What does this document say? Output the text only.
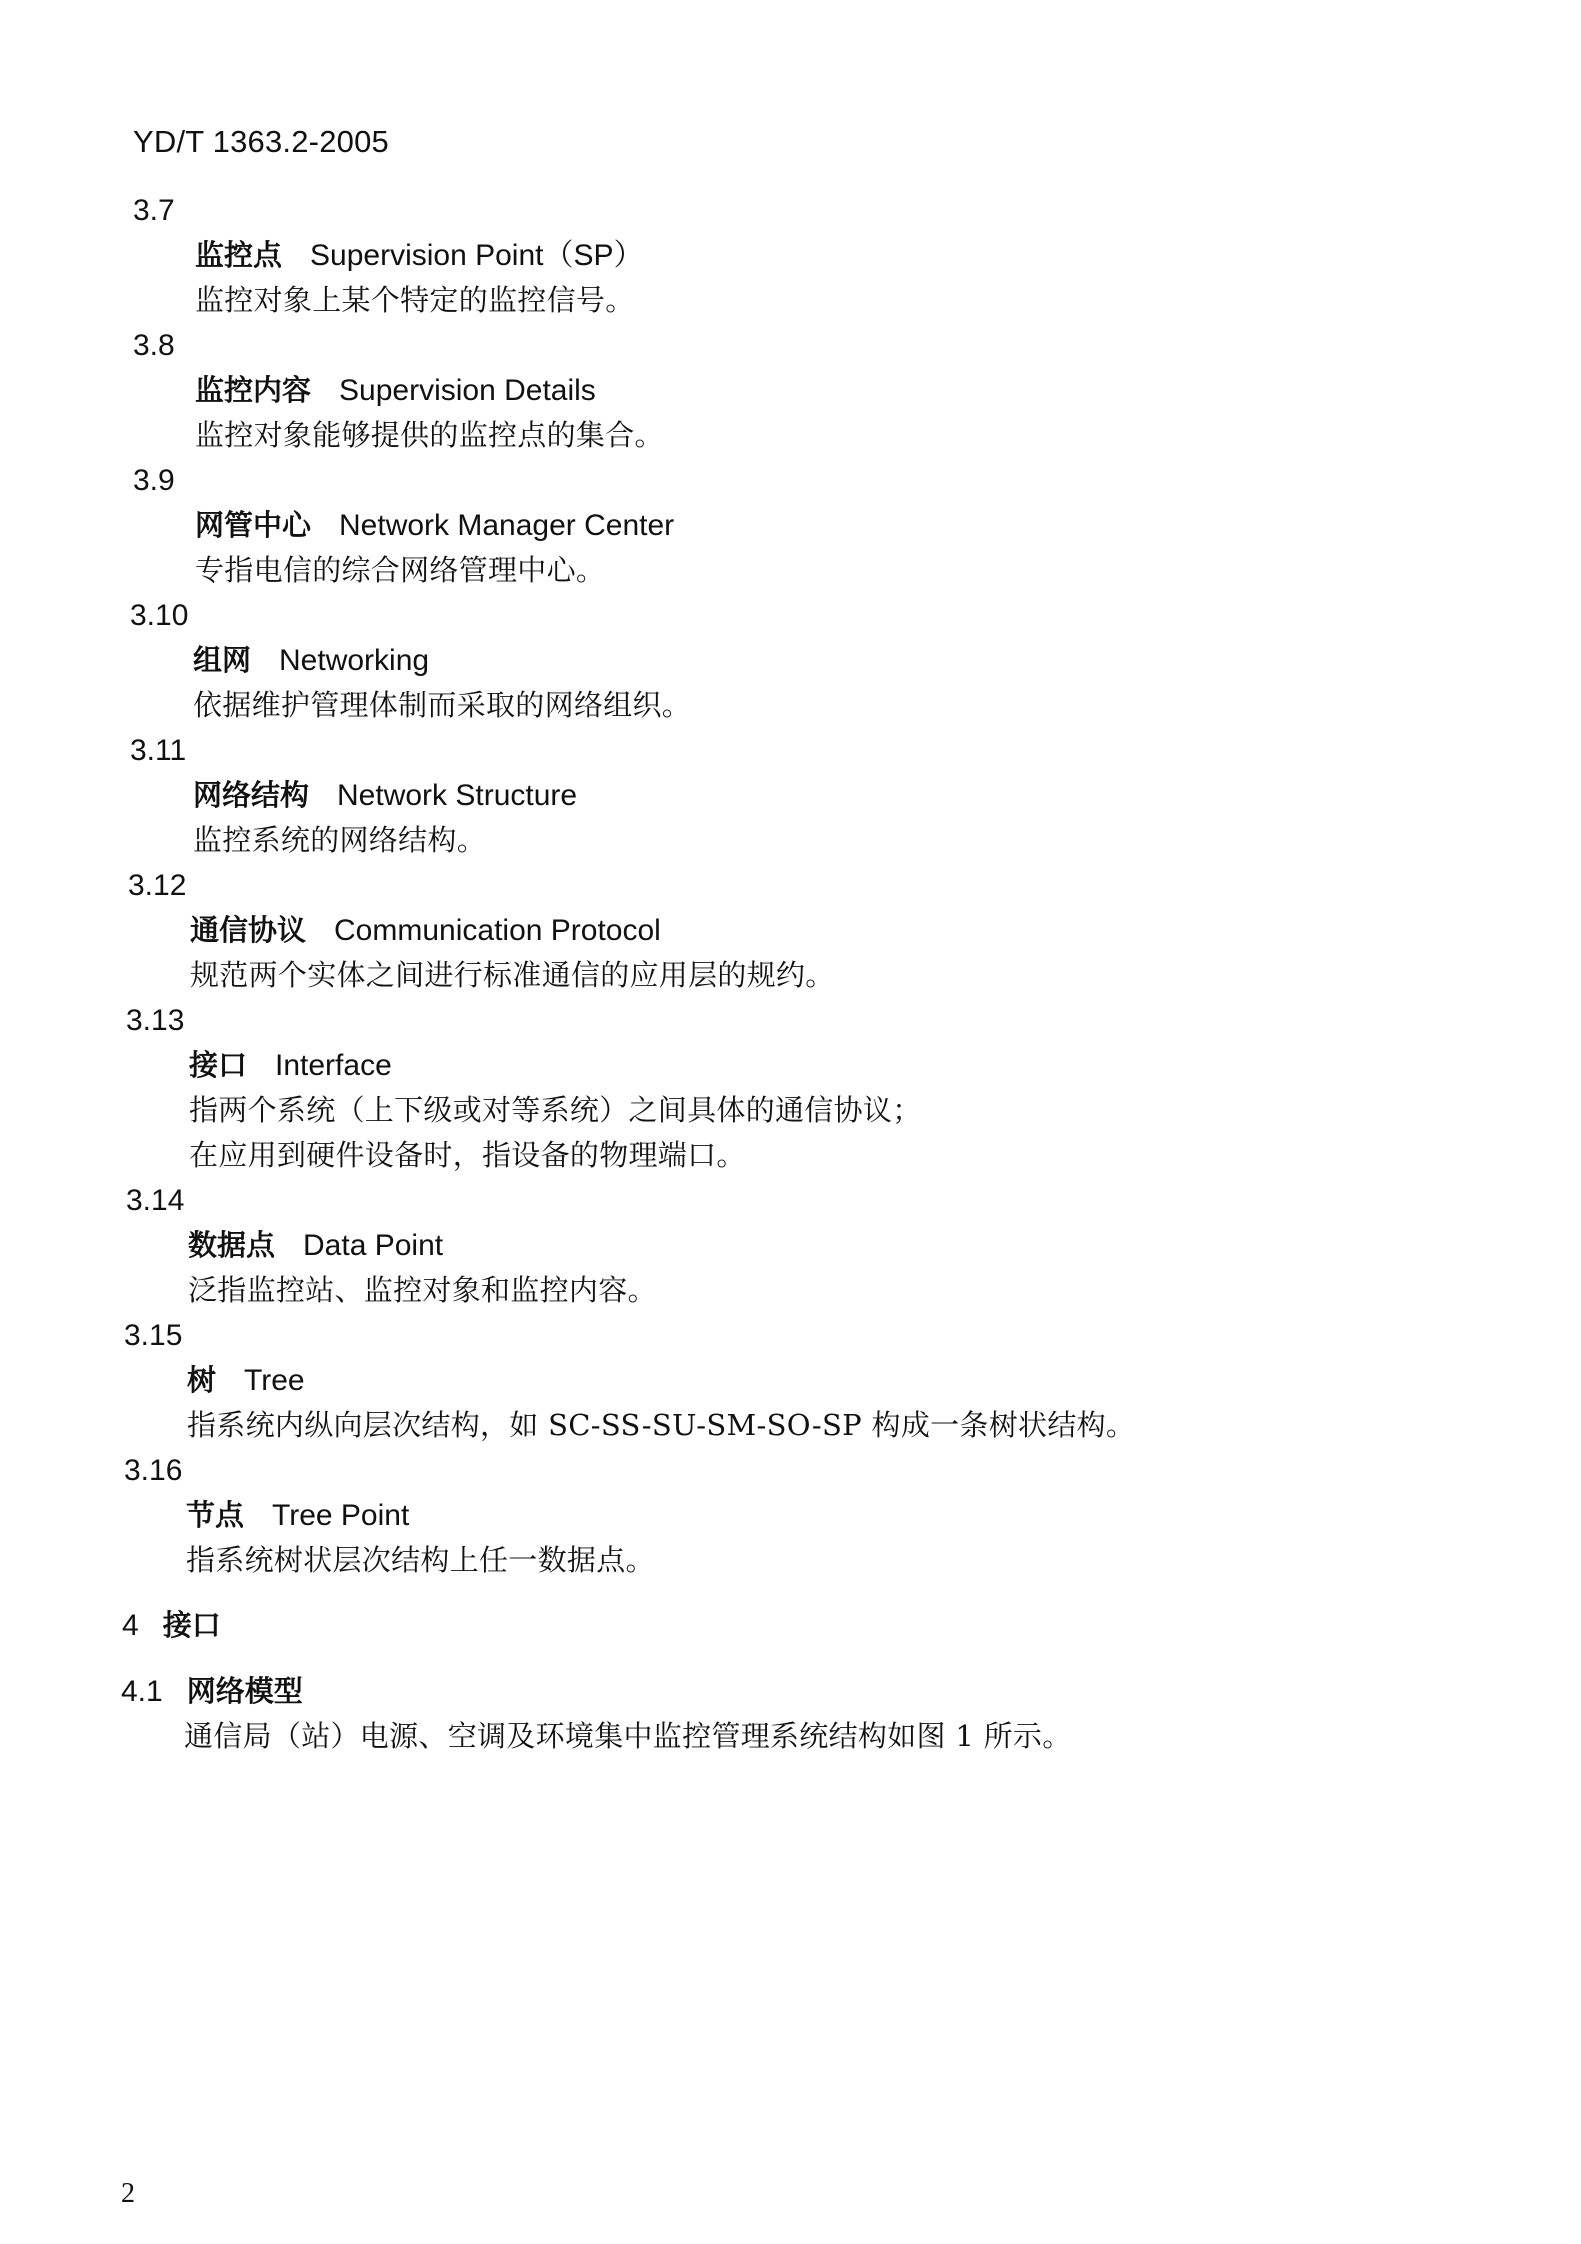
YD/T 1363.2-2005
3.7
监控点 Supervision Point（SP）
监控对象上某个特定的监控信号。
3.8
监控内容 Supervision Details
监控对象能够提供的监控点的集合。
3.9
网管中心 Network Manager Center
专指电信的综合网络管理中心。
3.10
组网 Networking
依据维护管理体制而采取的网络组织。
3.11
网络结构 Network Structure
监控系统的网络结构。
3.12
通信协议 Communication Protocol
规范两个实体之间进行标准通信的应用层的规约。
3.13
接口 Interface
指两个系统（上下级或对等系统）之间具体的通信协议；
在应用到硬件设备时，指设备的物理端口。
3.14
数据点 Data Point
泛指监控站、监控对象和监控内容。
3.15
树 Tree
指系统内纵向层次结构，如 SC-SS-SU-SM-SO-SP 构成一条树状结构。
3.16
节点 Tree Point
指系统树状层次结构上任一数据点。
4 接口
4.1 网络模型
通信局（站）电源、空调及环境集中监控管理系统结构如图 1 所示。
2
